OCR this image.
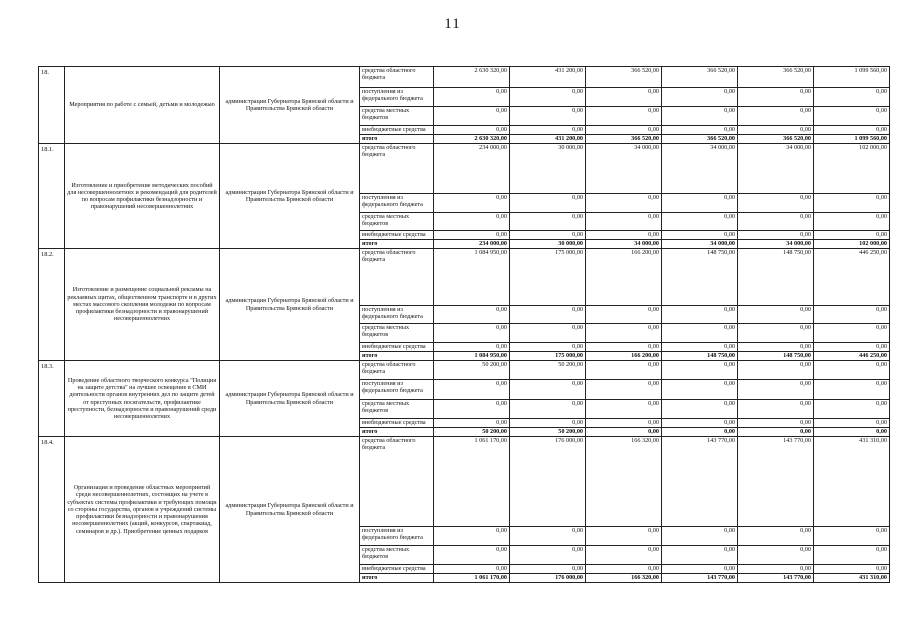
11
18.	Мероприятия по работе с семьей, детьми и молодежью	администрация Губернатора Брянской области и Правительства Брянской области	средства областного бюджета	2 630 320,00	431 200,00	366 520,00	366 520,00	366 520,00	1 099 560,00
			поступления из федерального бюджета	0,00	0,00	0,00	0,00	0,00	0,00
			средства местных бюджетов	0,00	0,00	0,00	0,00	0,00	0,00
			внебюджетные средства	0,00	0,00	0,00	0,00	0,00	0,00
			итого	2 630 320,00	431 200,00	366 520,00	366 520,00	366 520,00	1 099 560,00
18.1.	Изготовление и приобретение методических пособий для несовершеннолетних и рекомендаций для родителей по вопросам профилактики безнадзорности и правонарушений несовершеннолетних	администрация Губернатора Брянской области и Правительства Брянской области	средства областного бюджета	234 000,00	30 000,00	34 000,00	34 000,00	34 000,00	102 000,00
			поступления из федерального бюджета	0,00	0,00	0,00	0,00	0,00	0,00
			средства местных бюджетов	0,00	0,00	0,00	0,00	0,00	0,00
			внебюджетные средства	0,00	0,00	0,00	0,00	0,00	0,00
			итого	234 000,00	30 000,00	34 000,00	34 000,00	34 000,00	102 000,00
18.2.	Изготовление и размещение социальной рекламы на рекламных щитах, общественном транспорте и в других местах массового скопления молодежи по вопросам профилактики безнадзорности и правонарушений несовершеннолетних	администрация Губернатора Брянской области и Правительства Брянской области	средства областного бюджета	1 084 950,00	175 000,00	166 200,00	148 750,00	148 750,00	446 250,00
			поступления из федерального бюджета	0,00	0,00	0,00	0,00	0,00	0,00
			средства местных бюджетов	0,00	0,00	0,00	0,00	0,00	0,00
			внебюджетные средства	0,00	0,00	0,00	0,00	0,00	0,00
			итого	1 084 950,00	175 000,00	166 200,00	148 750,00	148 750,00	446 250,00
18.3.	Проведение областного творческого конкурса "Полиция на защите детства" на лучшее освещение в СМИ деятельности органов внутренних дел по защите детей от преступных посягательств, профилактике преступности, безнадзорности и правонарушений среди несовершеннолетних	администрация Губернатора Брянской области и Правительства Брянской области	средства областного бюджета	50 200,00	50 200,00	0,00	0,00	0,00	0,00
			поступления из федерального бюджета	0,00	0,00	0,00	0,00	0,00	0,00
			средства местных бюджетов	0,00	0,00	0,00	0,00	0,00	0,00
			внебюджетные средства	0,00	0,00	0,00	0,00	0,00	0,00
			итого	50 200,00	50 200,00	0,00	0,00	0,00	0,00
18.4.	Организация и проведение областных мероприятий среди несовершеннолетних, состоящих на учете в субъектах системы профилактики и требующих помощи со стороны государства, органов и учреждений системы профилактики безнадзорности и правонарушения несовершеннолетних (акций, конкурсов, спартакиад, семинаров и др.). Приобретение ценных подарков	администрация Губернатора Брянской области и Правительства Брянской области	средства областного бюджета	1 061 170,00	176 000,00	166 320,00	143 770,00	143 770,00	431 310,00
			поступления из федерального бюджета	0,00	0,00	0,00	0,00	0,00	0,00
			средства местных бюджетов	0,00	0,00	0,00	0,00	0,00	0,00
			внебюджетные средства	0,00	0,00	0,00	0,00	0,00	0,00
			итого	1 061 170,00	176 000,00	166 320,00	143 770,00	143 770,00	431 310,00
